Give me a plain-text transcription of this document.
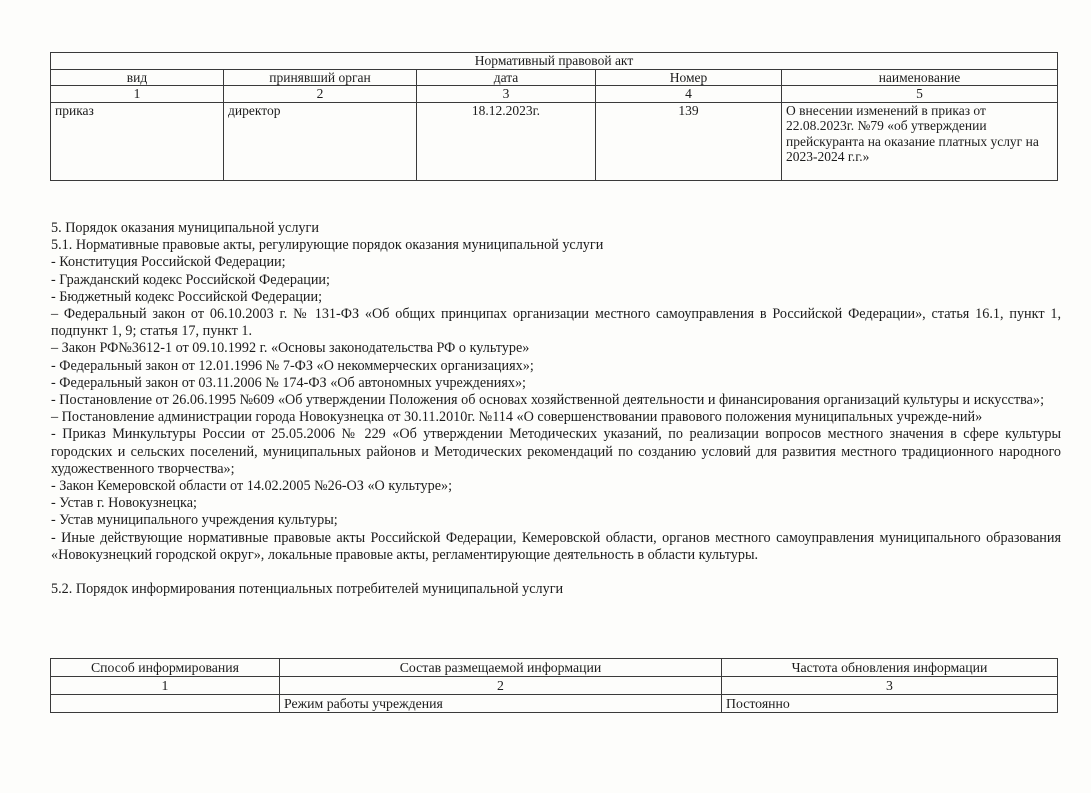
Нормативный правовой акт				
вид	принявший орган	дата	Номер	наименование
1	2	3	4	5
приказ	директор	18.12.2023г.	139	О внесении изменений в приказ от 22.08.2023г. №79 «об утверждении прейскуранта на оказание платных услуг на 2023-2024 г.г.»

5. Порядок оказания муниципальной услуги

5.1. Нормативные правовые акты, регулирующие порядок оказания муниципальной услуги

- Конституция Российской Федерации;

- Гражданский кодекс Российской Федерации;

- Бюджетный кодекс Российской Федерации;

– Федеральный закон от 06.10.2003 г. № 131-ФЗ «Об общих принципах организации местного самоуправления в Российской Федерации», статья 16.1, пункт 1, подпункт 1, 9; статья 17, пункт 1.

– Закон РФ№3612-1 от 09.10.1992 г. «Основы законодательства РФ о культуре»

- Федеральный закон от 12.01.1996 № 7-ФЗ «О некоммерческих организациях»;

- Федеральный закон от 03.11.2006 № 174-ФЗ «Об автономных учреждениях»;

- Постановление от 26.06.1995 №609 «Об утверждении Положения об основах хозяйственной деятельности и финансирования организаций культуры и искусства»;

– Постановление администрации города Новокузнецка от 30.11.2010г. №114 «О совершенствовании правового положения муниципальных учрежде-ний»

- Приказ Минкультуры России от 25.05.2006 № 229 «Об утверждении Методических указаний, по реализации вопросов местного значения в сфере культуры городских и сельских поселений, муниципальных районов и Методических рекомендаций по созданию условий для развития местного традиционного народного художественного творчества»;

- Закон Кемеровской области от 14.02.2005 №26-ОЗ «О культуре»;

- Устав г. Новокузнецка;

- Устав муниципального учреждения культуры;

- Иные действующие нормативные правовые акты Российской Федерации, Кемеровской области, органов местного самоуправления муниципального образования «Новокузнецкий городской округ», локальные правовые акты, регламентирующие деятельность в области культуры.

5.2. Порядок информирования потенциальных потребителей муниципальной услуги

Способ информирования	Состав размещаемой информации	Частота обновления информации
1	2	3
	Режим работы учреждения	Постоянно
